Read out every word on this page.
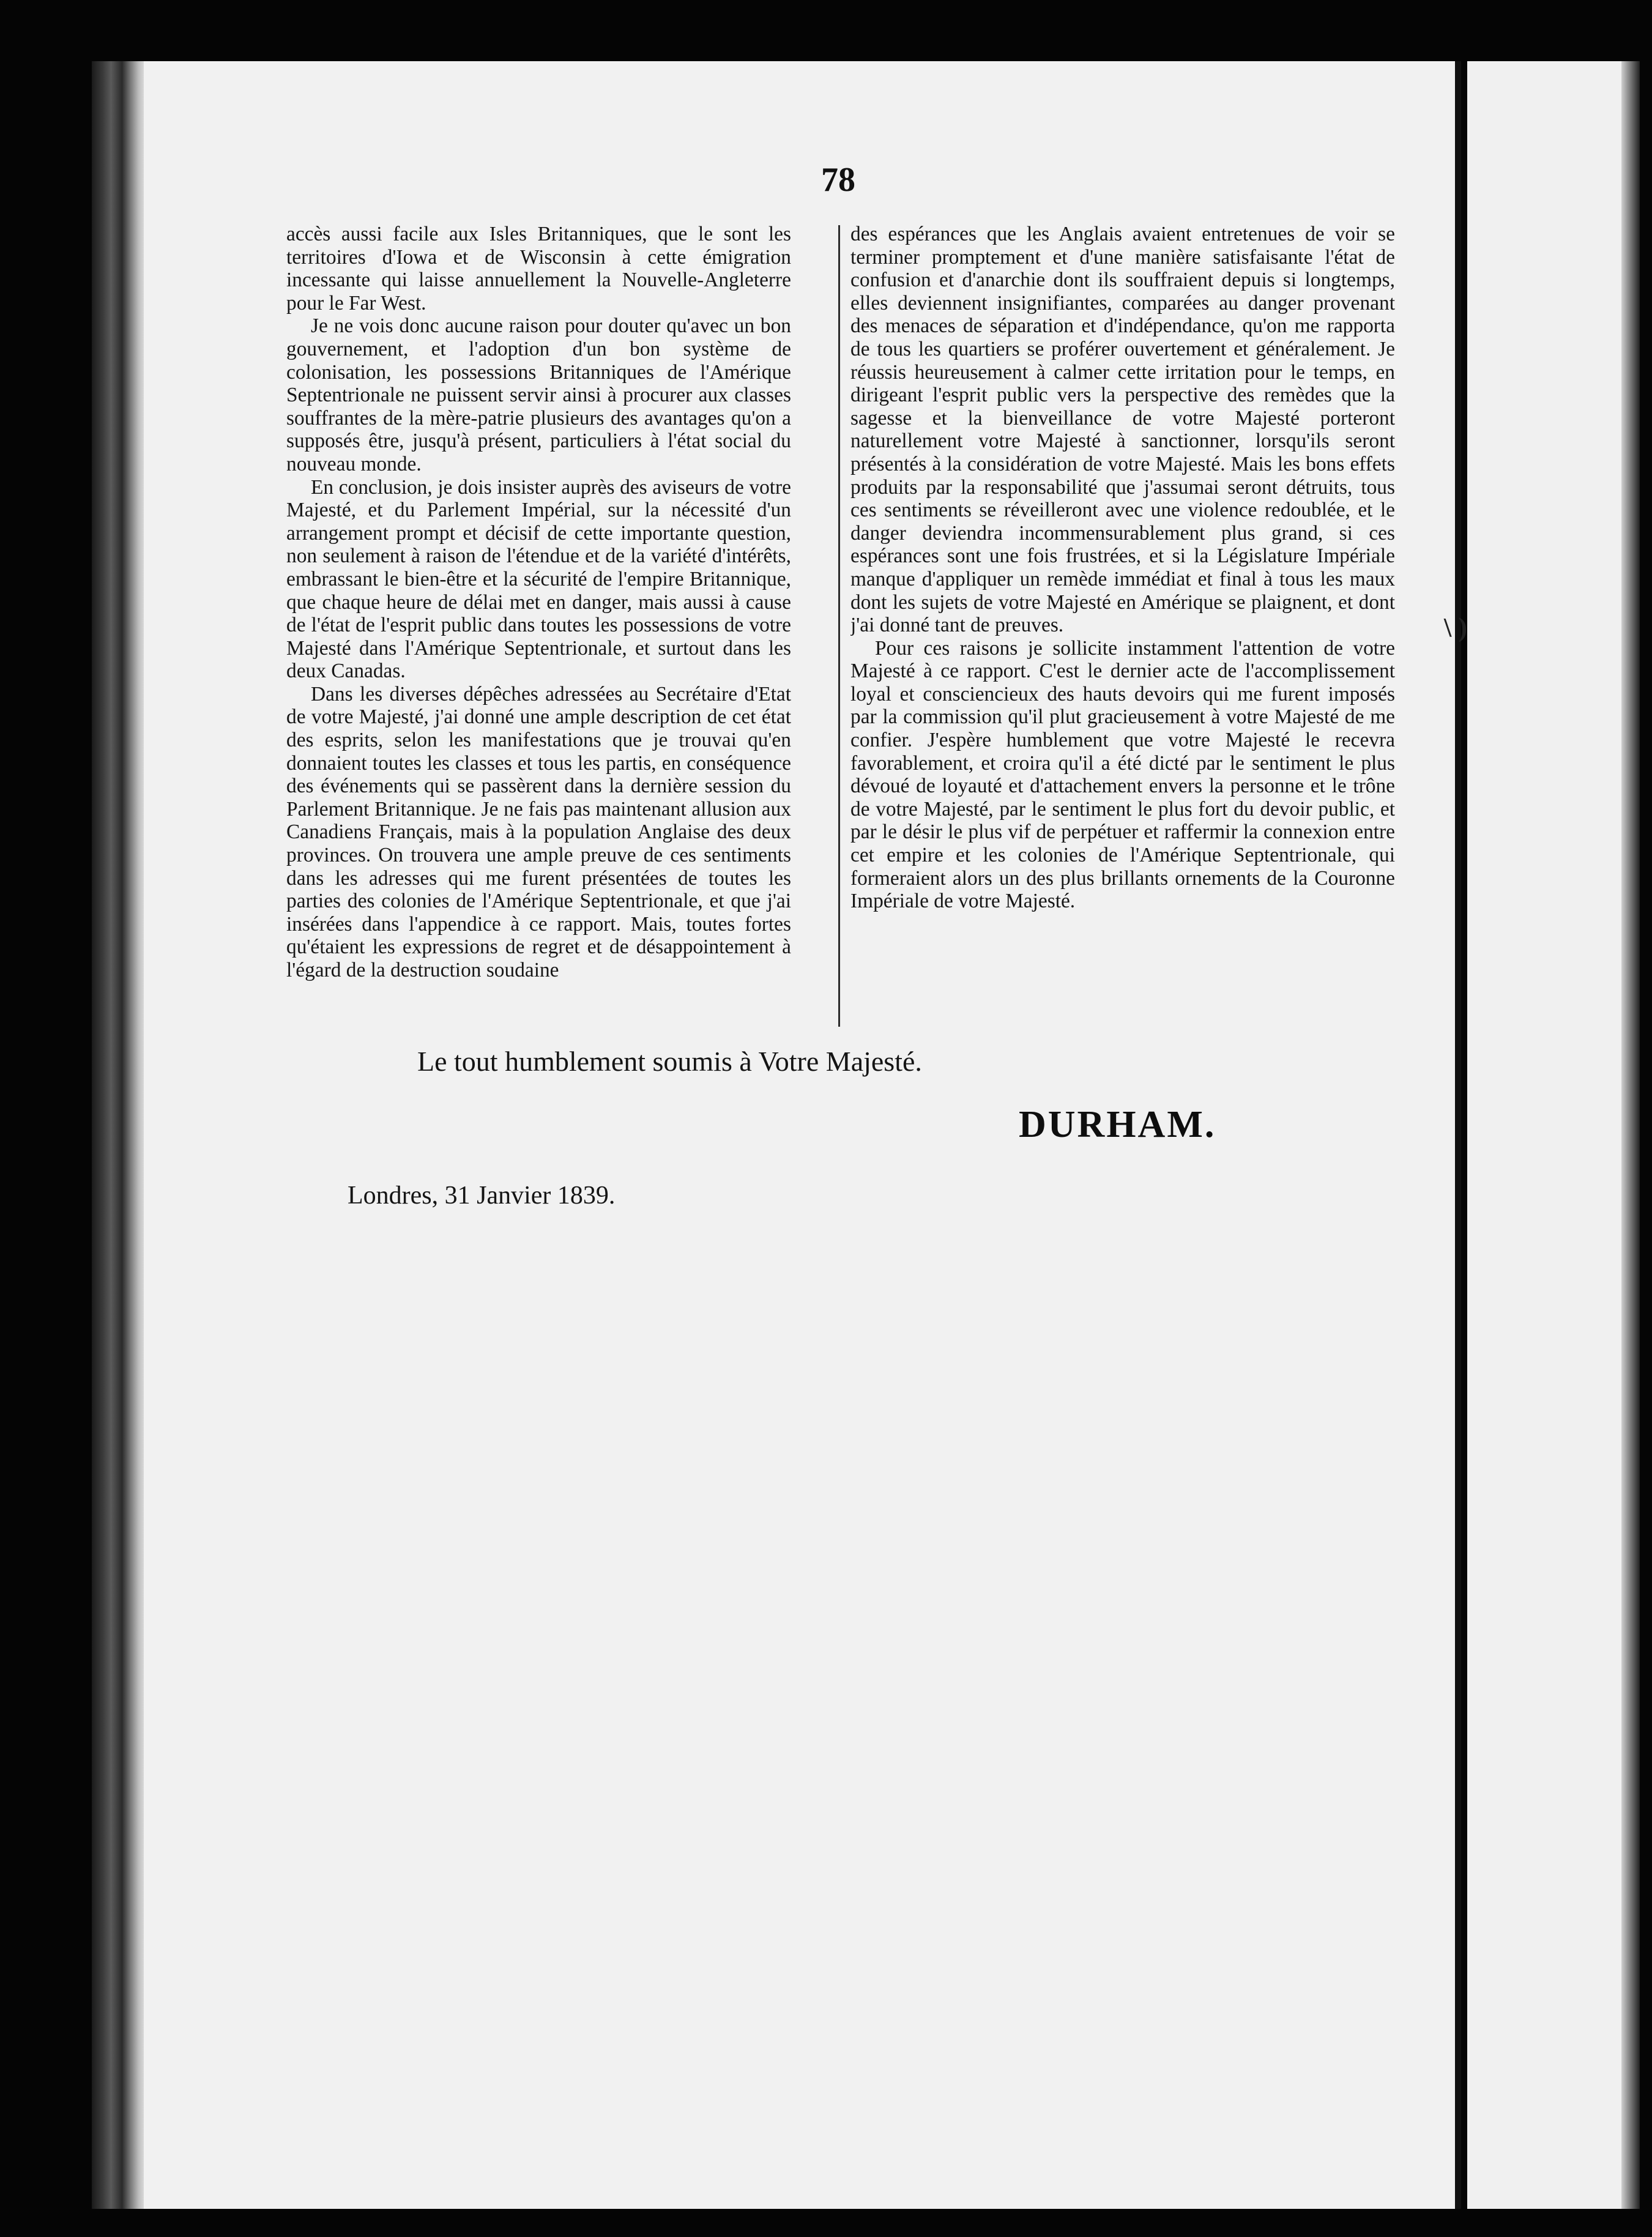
\ )
78

accès aussi facile aux Isles Britanniques, que le sont les territoires d'Iowa et de Wisconsin à cette émigration incessante qui laisse annuellement la Nouvelle-Angleterre pour le Far West.

Je ne vois donc aucune raison pour douter qu'avec un bon gouvernement, et l'adoption d'un bon système de colonisation, les possessions Britanniques de l'Amérique Septentrionale ne puissent servir ainsi à procurer aux classes souffrantes de la mère-patrie plusieurs des avantages qu'on a supposés être, jusqu'à présent, particuliers à l'état social du nouveau monde.

En conclusion, je dois insister auprès des aviseurs de votre Majesté, et du Parlement Impérial, sur la nécessité d'un arrangement prompt et décisif de cette importante question, non seulement à raison de l'étendue et de la variété d'intérêts, embrassant le bien-être et la sécurité de l'empire Britannique, que chaque heure de délai met en danger, mais aussi à cause de l'état de l'esprit public dans toutes les possessions de votre Majesté dans l'Amérique Septentrionale, et surtout dans les deux Canadas.

Dans les diverses dépêches adressées au Secrétaire d'Etat de votre Majesté, j'ai donné une ample description de cet état des esprits, selon les manifestations que je trouvai qu'en donnaient toutes les classes et tous les partis, en conséquence des événements qui se passèrent dans la dernière session du Parlement Britannique. Je ne fais pas maintenant allusion aux Canadiens Français, mais à la population Anglaise des deux provinces. On trouvera une ample preuve de ces sentiments dans les adresses qui me furent présentées de toutes les parties des colonies de l'Amérique Septentrionale, et que j'ai insérées dans l'appendice à ce rapport. Mais, toutes fortes qu'étaient les expressions de regret et de désappointement à l'égard de la destruction soudaine

des espérances que les Anglais avaient entretenues de voir se terminer promptement et d'une manière satisfaisante l'état de confusion et d'anarchie dont ils souffraient depuis si longtemps, elles deviennent insignifiantes, comparées au danger provenant des menaces de séparation et d'indépendance, qu'on me rapporta de tous les quartiers se proférer ouvertement et généralement. Je réussis heureusement à calmer cette irritation pour le temps, en dirigeant l'esprit public vers la perspective des remèdes que la sagesse et la bienveillance de votre Majesté porteront naturellement votre Majesté à sanctionner, lorsqu'ils seront présentés à la considération de votre Majesté. Mais les bons effets produits par la responsabilité que j'assumai seront détruits, tous ces sentiments se réveilleront avec une violence redoublée, et le danger deviendra incommensurablement plus grand, si ces espérances sont une fois frustrées, et si la Législature Impériale manque d'appliquer un remède immédiat et final à tous les maux dont les sujets de votre Majesté en Amérique se plaignent, et dont j'ai donné tant de preuves.

Pour ces raisons je sollicite instamment l'attention de votre Majesté à ce rapport. C'est le dernier acte de l'accomplissement loyal et consciencieux des hauts devoirs qui me furent imposés par la commission qu'il plut gracieusement à votre Majesté de me confier. J'espère humblement que votre Majesté le recevra favorablement, et croira qu'il a été dicté par le sentiment le plus dévoué de loyauté et d'attachement envers la personne et le trône de votre Majesté, par le sentiment le plus fort du devoir public, et par le désir le plus vif de perpétuer et raffermir la connexion entre cet empire et les colonies de l'Amérique Septentrionale, qui formeraient alors un des plus brillants ornements de la Couronne Impériale de votre Majesté.

Le tout humblement soumis à Votre Majesté.
DURHAM.
Londres, 31 Janvier 1839.
